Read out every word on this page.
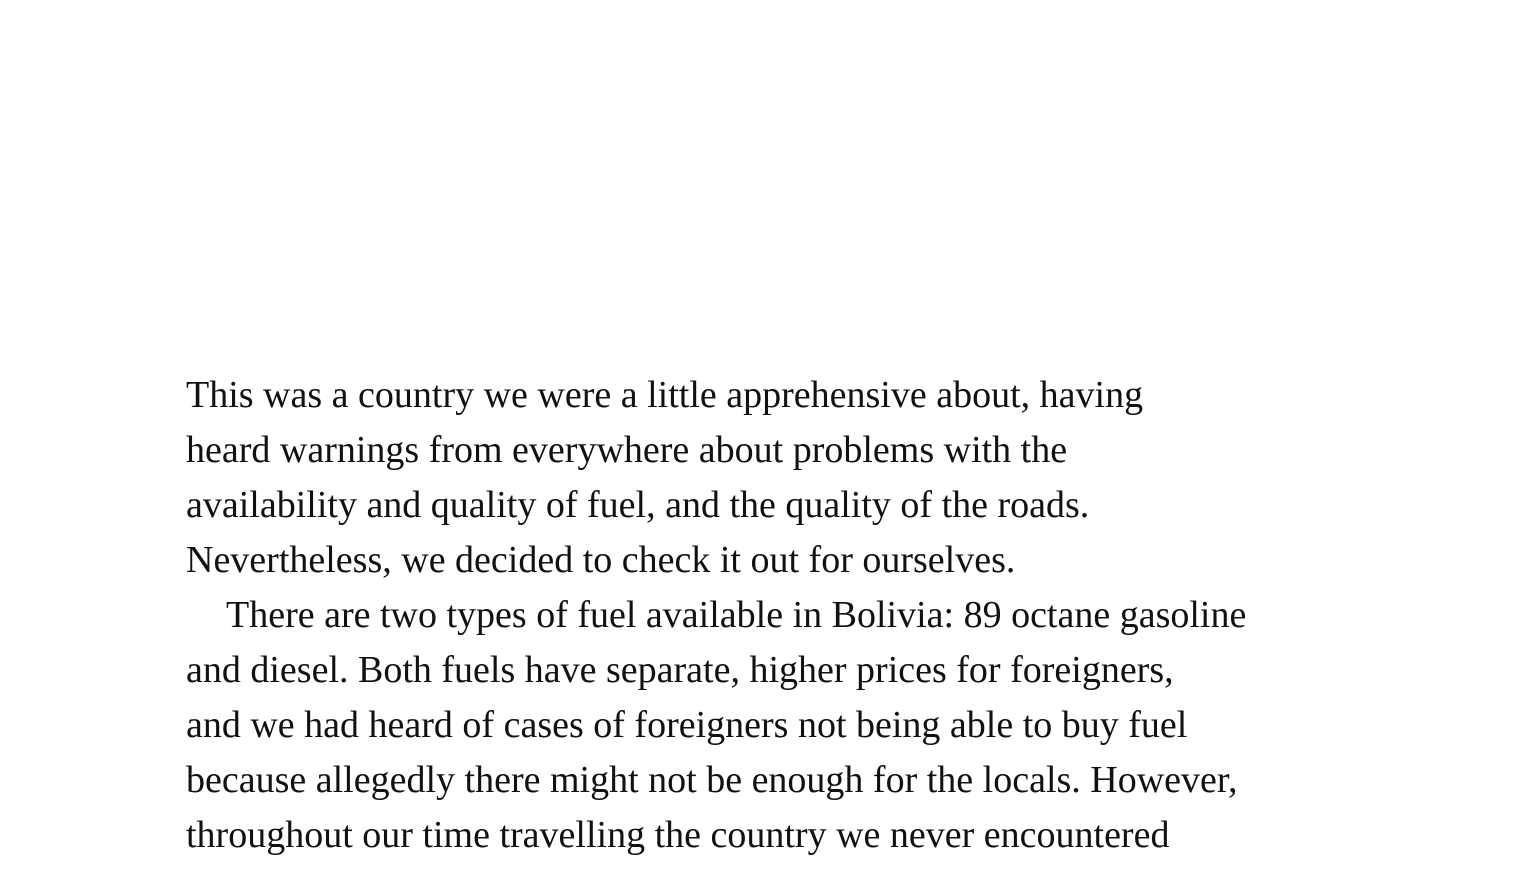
This was a country we were a little apprehensive about, having
heard warnings from everywhere about problems with the
availability and quality of fuel, and the quality of the roads.
Nevertheless, we decided to check it out for ourselves.
There are two types of fuel available in Bolivia: 89 octane gasoline
and diesel. Both fuels have separate, higher prices for foreigners,
and we had heard of cases of foreigners not being able to buy fuel
because allegedly there might not be enough for the locals. However,
throughout our time travelling the country we never encountered
